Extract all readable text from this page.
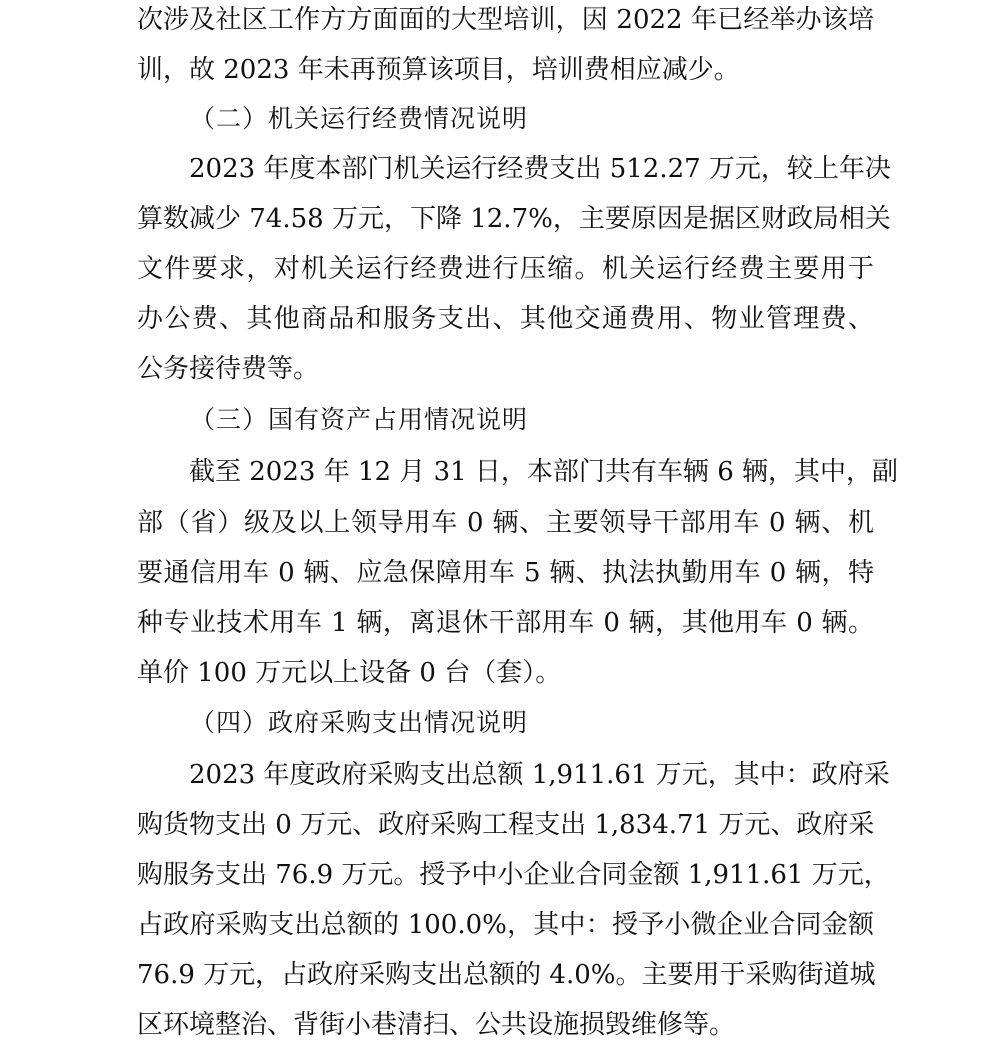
次涉及社区工作方方面面的大型培训，因 2022 年已经举办该培
训，故 2023 年未再预算该项目，培训费相应减少。
（二）机关运行经费情况说明
2023 年度本部门机关运行经费支出 512.27 万元，较上年决
算数减少 74.58 万元，下降 12.7%，主要原因是据区财政局相关
文件要求，对机关运行经费进行压缩。机关运行经费主要用于
办公费、其他商品和服务支出、其他交通费用、物业管理费、
公务接待费等。
（三）国有资产占用情况说明
截至 2023 年 12 月 31 日，本部门共有车辆 6 辆，其中，副
部（省）级及以上领导用车 0 辆、主要领导干部用车 0 辆、机
要通信用车 0 辆、应急保障用车 5 辆、执法执勤用车 0 辆，特
种专业技术用车 1 辆，离退休干部用车 0 辆，其他用车 0 辆。
单价 100 万元以上设备 0 台（套）。
（四）政府采购支出情况说明
2023 年度政府采购支出总额 1,911.61 万元，其中：政府采
购货物支出 0 万元、政府采购工程支出 1,834.71 万元、政府采
购服务支出 76.9 万元。授予中小企业合同金额 1,911.61 万元，
占政府采购支出总额的 100.0%，其中：授予小微企业合同金额
76.9 万元，占政府采购支出总额的 4.0%。主要用于采购街道城
区环境整治、背街小巷清扫、公共设施损毁维修等。
